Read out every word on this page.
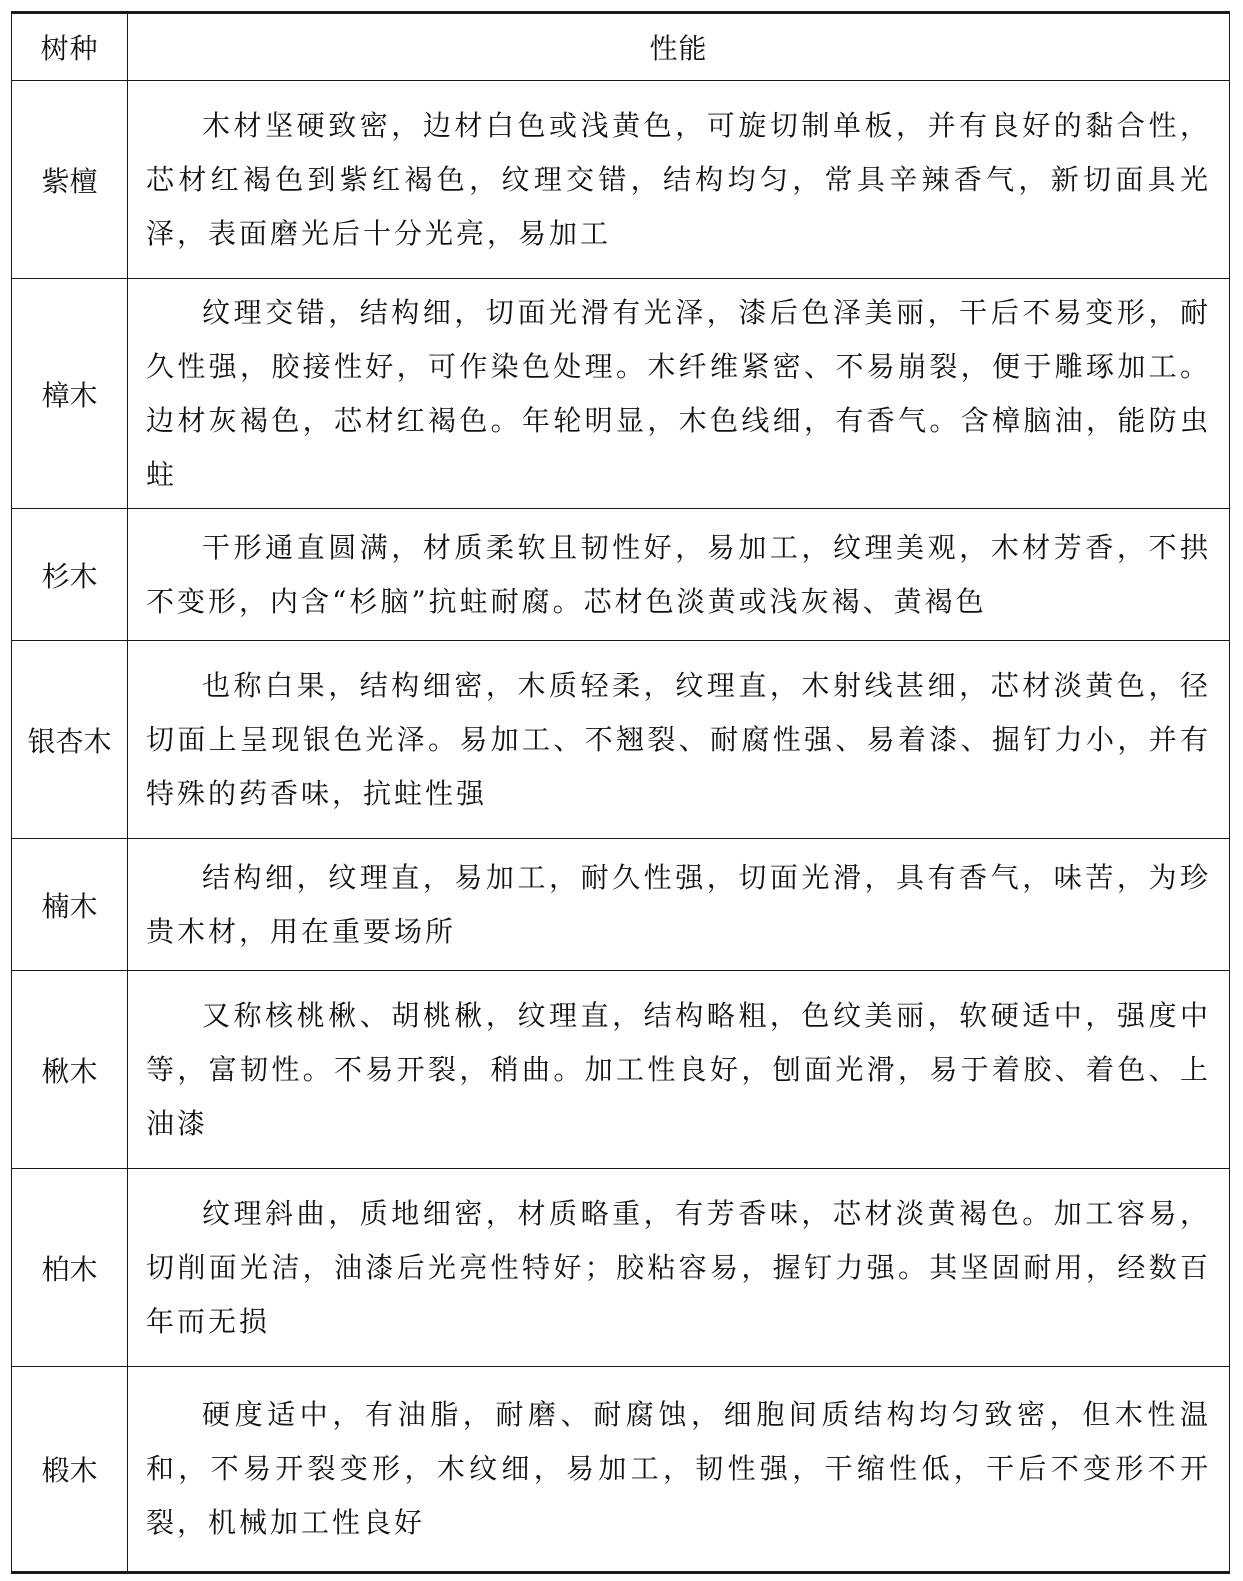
树种	性能
紫檀	木材坚硬致密，边材白色或浅黄色，可旋切制单板，并有良好的黏合性，芯材红褐色到紫红褐色，纹理交错，结构均匀，常具辛辣香气，新切面具光泽，表面磨光后十分光亮，易加工
樟木	纹理交错，结构细，切面光滑有光泽，漆后色泽美丽，干后不易变形，耐久性强，胶接性好，可作染色处理。木纤维紧密、不易崩裂，便于雕琢加工。边材灰褐色，芯材红褐色。年轮明显，木色线细，有香气。含樟脑油，能防虫蛀
杉木	干形通直圆满，材质柔软且韧性好，易加工，纹理美观，木材芳香，不拱不变形，内含“杉脑”抗蛀耐腐。芯材色淡黄或浅灰褐、黄褐色
银杏木	也称白果，结构细密，木质轻柔，纹理直，木射线甚细，芯材淡黄色，径切面上呈现银色光泽。易加工、不翘裂、耐腐性强、易着漆、掘钉力小，并有特殊的药香味，抗蛀性强
楠木	结构细，纹理直，易加工，耐久性强，切面光滑，具有香气，味苦，为珍贵木材，用在重要场所
楸木	又称核桃楸、胡桃楸，纹理直，结构略粗，色纹美丽，软硬适中，强度中等，富韧性。不易开裂，稍曲。加工性良好，刨面光滑，易于着胶、着色、上油漆
柏木	纹理斜曲，质地细密，材质略重，有芳香味，芯材淡黄褐色。加工容易，切削面光洁，油漆后光亮性特好；胶粘容易，握钉力强。其坚固耐用，经数百年而无损
椴木	硬度适中，有油脂，耐磨、耐腐蚀，细胞间质结构均匀致密，但木性温和，不易开裂变形，木纹细，易加工，韧性强，干缩性低，干后不变形不开裂，机械加工性良好
